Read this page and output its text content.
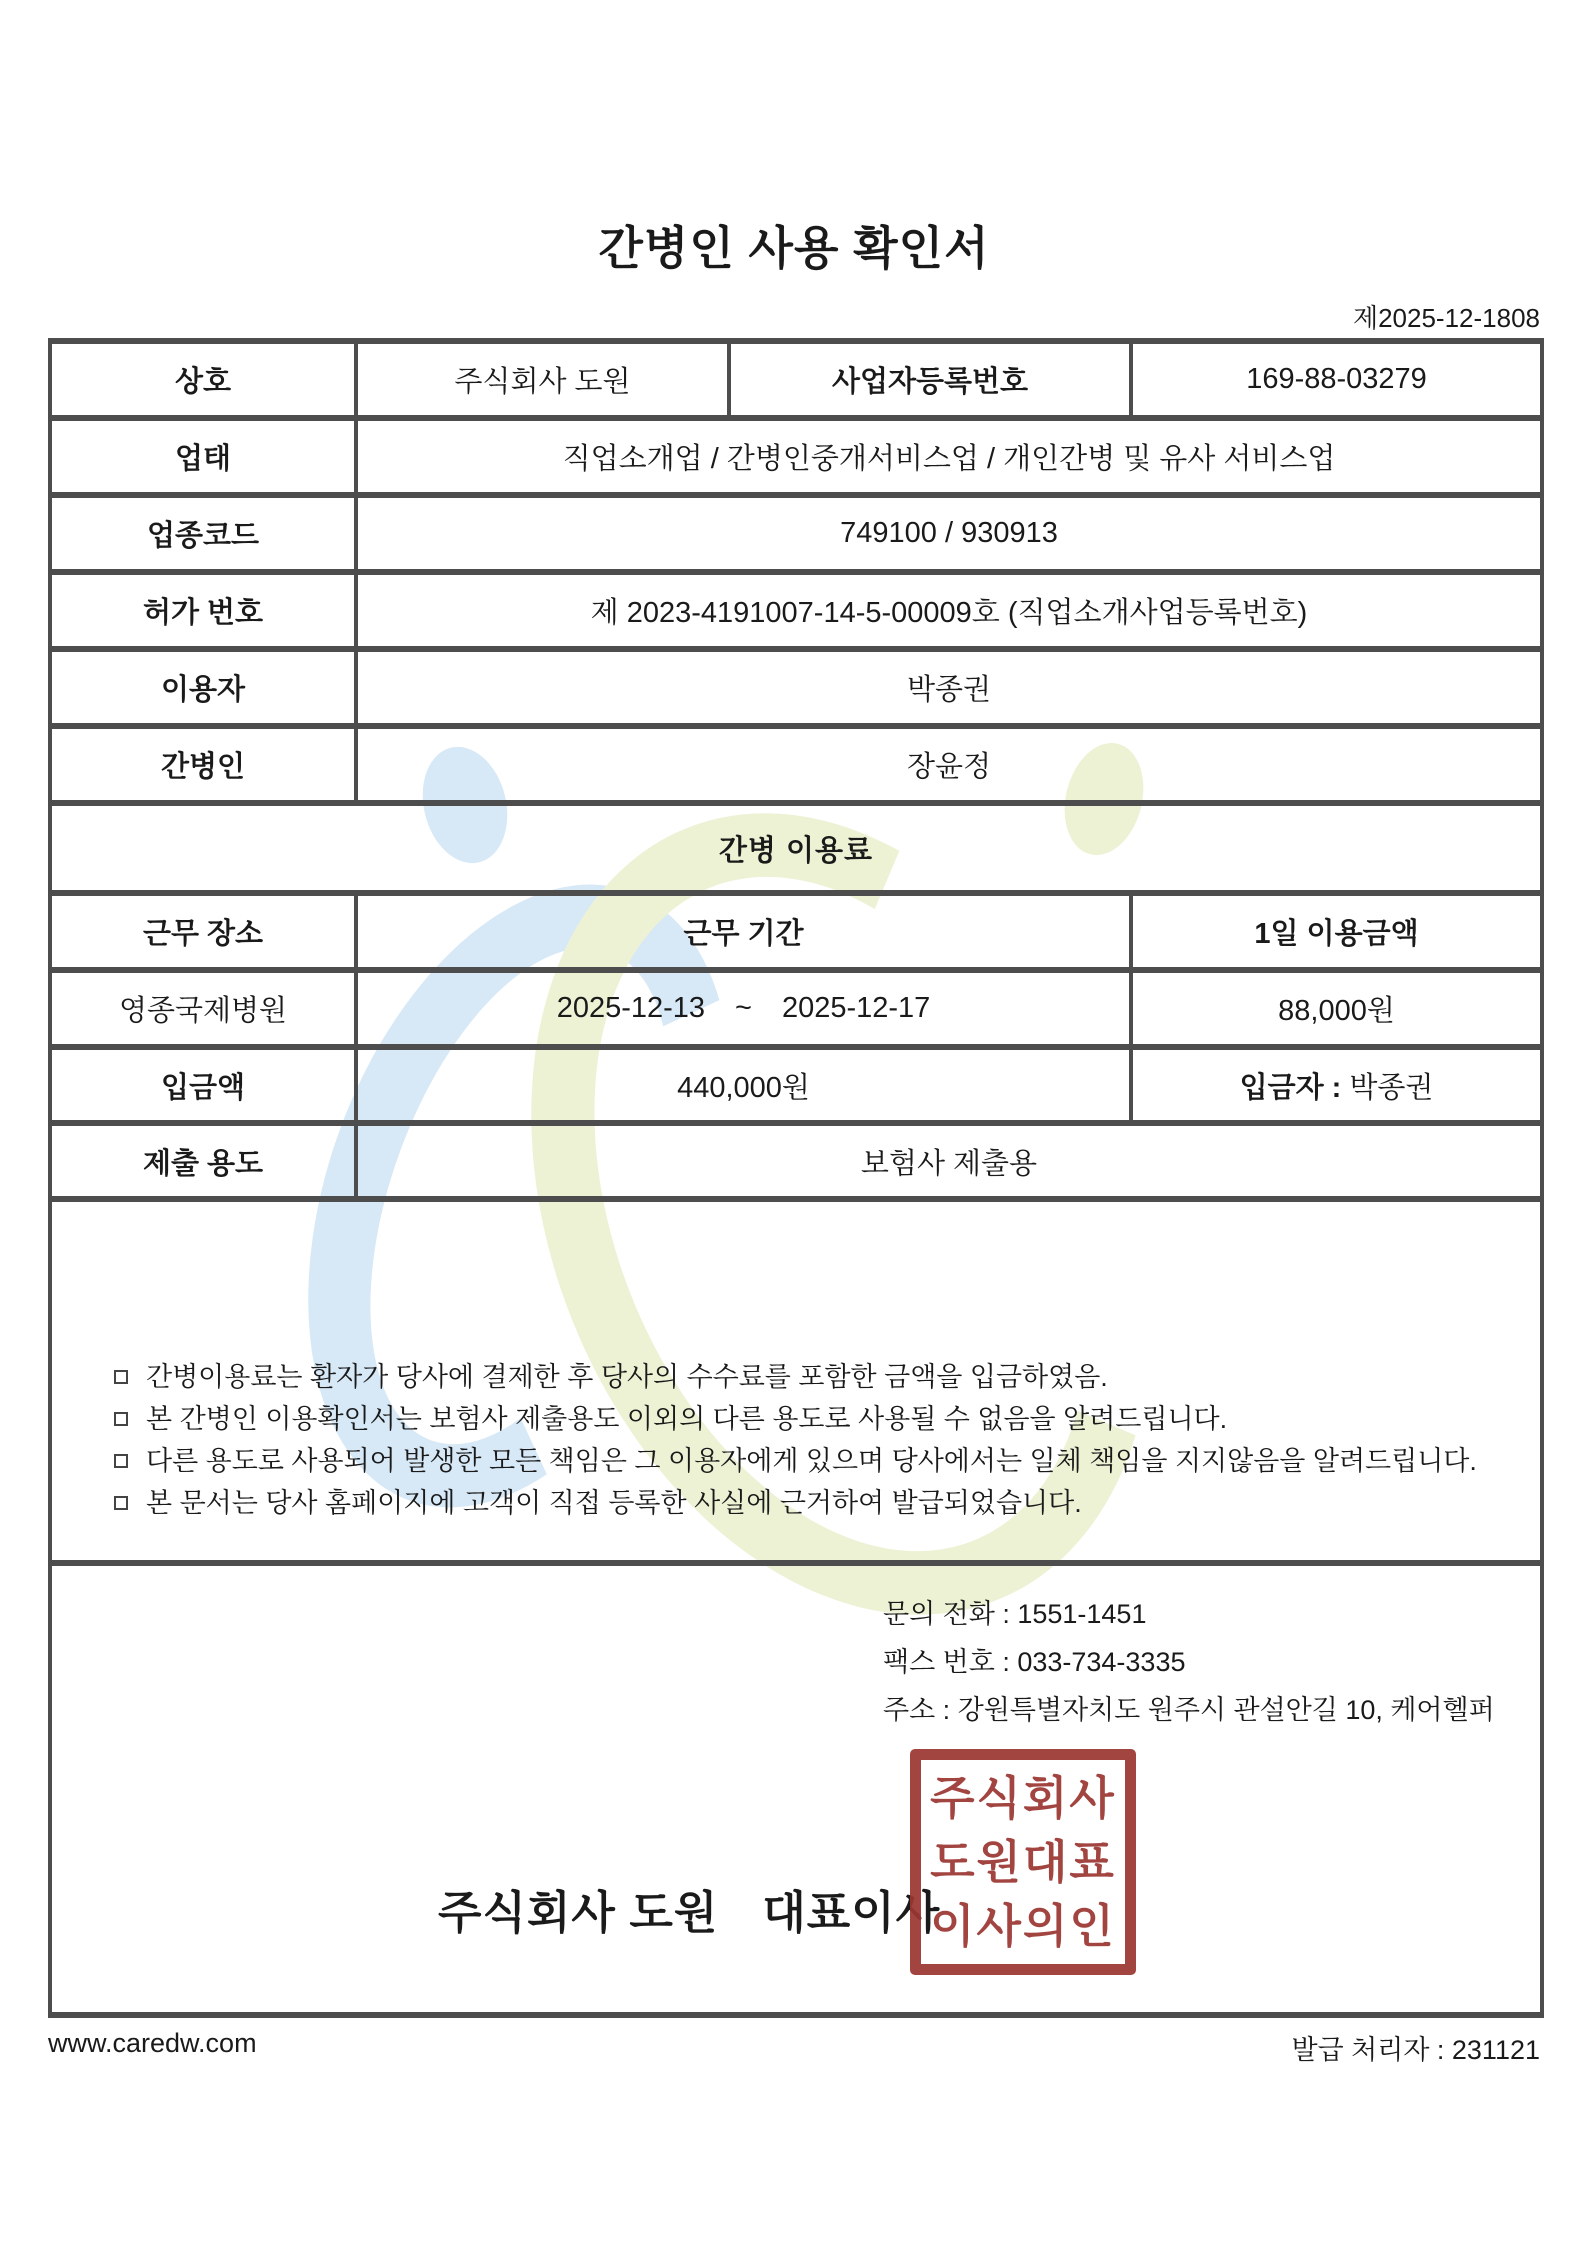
간병인 사용 확인서
제2025-12-1808
상호	주식회사 도원	사업자등록번호	169-88-03279
업태	직업소개업 / 간병인중개서비스업 / 개인간병 및 유사 서비스업		
업종코드	749100 / 930913		
허가 번호	제 2023-4191007-14-5-00009호 (직업소개사업등록번호)		
이용자	박종권		
간병인	장윤정		
간병 이용료			
근무 장소	근무 기간		1일 이용금액
영종국제병원	2025-12-13 ~ 2025-12-17		88,000원
입금액	440,000원		입금자 : 박종권
제출 용도	보험사 제출용		

간병이용료는 환자가 당사에 결제한 후 당사의 수수료를 포함한 금액을 입금하였음.
본 간병인 이용확인서는 보험사 제출용도 이외의 다른 용도로 사용될 수 없음을 알려드립니다.
다른 용도로 사용되어 발생한 모든 책임은 그 이용자에게 있으며 당사에서는 일체 책임을 지지않음을 알려드립니다.
본 문서는 당사 홈페이지에 고객이 직접 등록한 사실에 근거하여 발급되었습니다.			

문의 전화 : 1551-1451
팩스 번호 : 033-734-3335
주소 : 강원특별자치도 원주시 관설안길 10, 케어헬퍼
주식회사 도원 대표이사
주식회사
도원대표
이사의인
www.caredw.com	발급 처리자 : 231121
